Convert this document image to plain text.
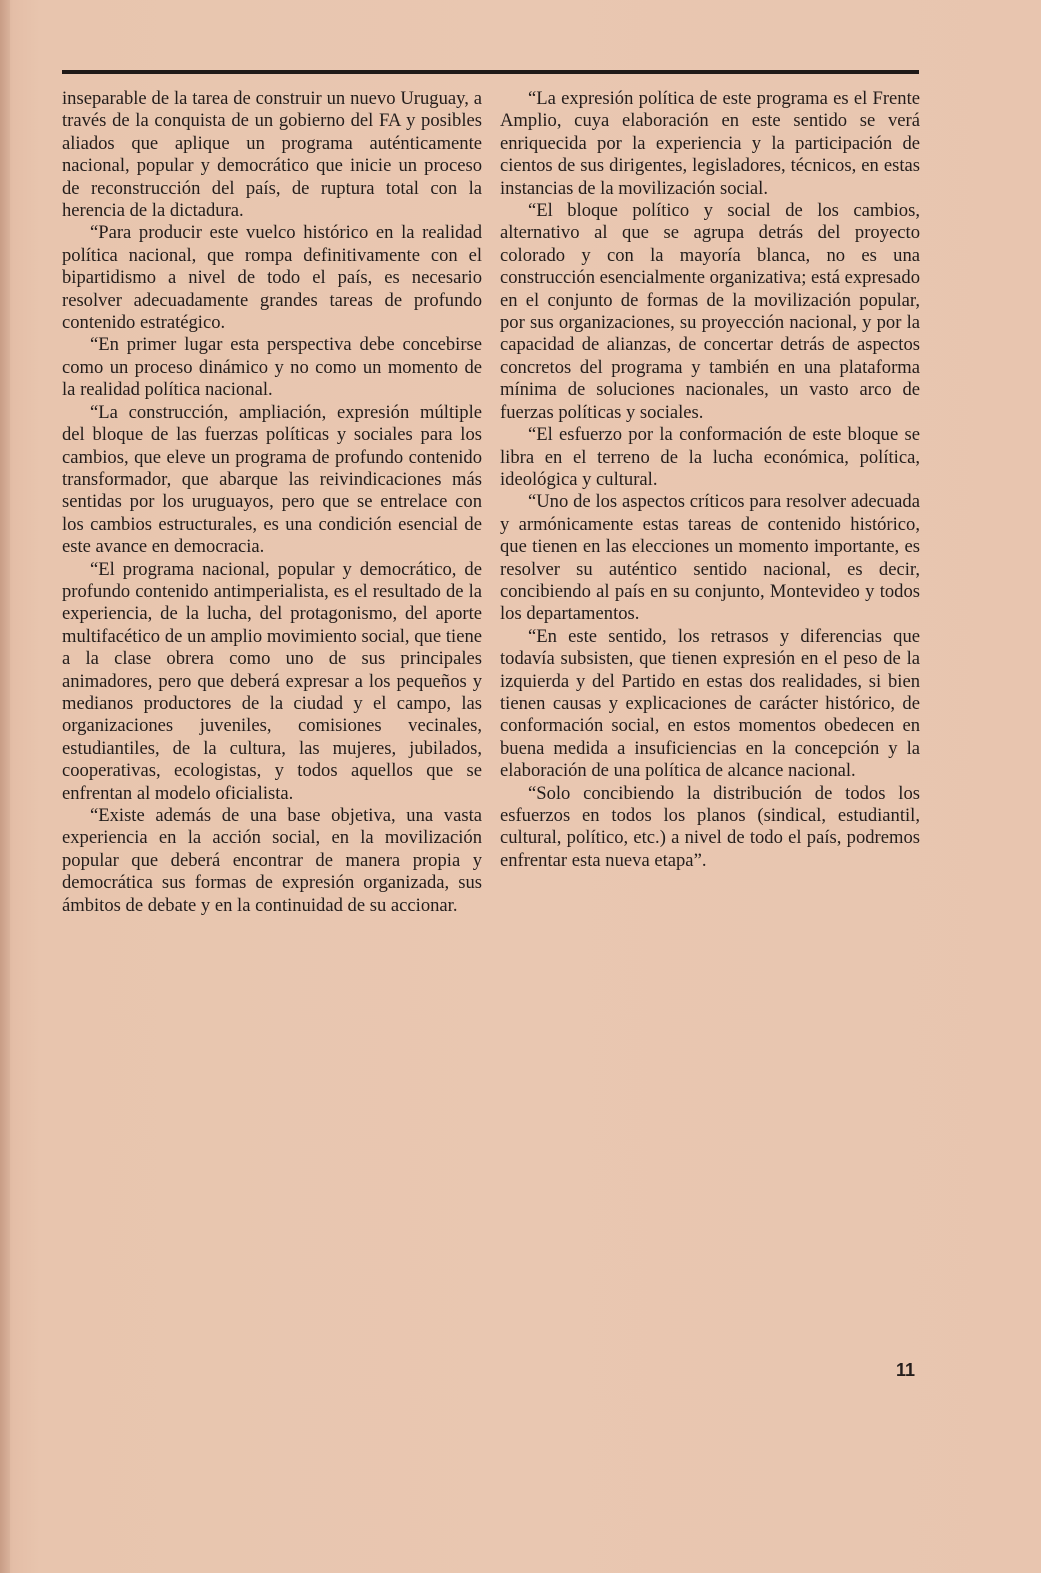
inseparable de la tarea de construir un nuevo Uruguay, a través de la conquista de un gobierno del FA y posibles aliados que aplique un programa auténticamente nacional, popular y democrático que inicie un proceso de reconstrucción del país, de ruptura total con la herencia de la dictadura.

“Para producir este vuelco histórico en la realidad política nacional, que rompa definitivamente con el bipartidismo a nivel de todo el país, es necesario resolver adecuadamente grandes tareas de profundo contenido estratégico.

“En primer lugar esta perspectiva debe concebirse como un proceso dinámico y no como un momento de la realidad política nacional.

“La construcción, ampliación, expresión múltiple del bloque de las fuerzas políticas y sociales para los cambios, que eleve un programa de profundo contenido transformador, que abarque las reivindicaciones más sentidas por los uruguayos, pero que se entrelace con los cambios estructurales, es una condición esencial de este avance en democracia.

“El programa nacional, popular y democrático, de profundo contenido antimperialista, es el resultado de la experiencia, de la lucha, del protagonismo, del aporte multifacético de un amplio movimiento social, que tiene a la clase obrera como uno de sus principales animadores, pero que deberá expresar a los pequeños y medianos productores de la ciudad y el campo, las organizaciones juveniles, comisiones vecinales, estudiantiles, de la cultura, las mujeres, jubilados, cooperativas, ecologistas, y todos aquellos que se enfrentan al modelo oficialista.

“Existe además de una base objetiva, una vasta experiencia en la acción social, en la movilización popular que deberá encontrar de manera propia y democrática sus formas de expresión organizada, sus ámbitos de debate y en la continuidad de su accionar.

“La expresión política de este programa es el Frente Amplio, cuya elaboración en este sentido se verá enriquecida por la experiencia y la participación de cientos de sus dirigentes, legisladores, técnicos, en estas instancias de la movilización social.

“El bloque político y social de los cambios, alternativo al que se agrupa detrás del proyecto colorado y con la mayoría blanca, no es una construcción esencialmente organizativa; está expresado en el conjunto de formas de la movilización popular, por sus organizaciones, su proyección nacional, y por la capacidad de alianzas, de concertar detrás de aspectos concretos del programa y también en una plataforma mínima de soluciones nacionales, un vasto arco de fuerzas políticas y sociales.

“El esfuerzo por la conformación de este bloque se libra en el terreno de la lucha económica, política, ideológica y cultural.

“Uno de los aspectos críticos para resolver adecuada y armónicamente estas tareas de contenido histórico, que tienen en las elecciones un momento importante, es resolver su auténtico sentido nacional, es decir, concibiendo al país en su conjunto, Montevideo y todos los departamentos.

“En este sentido, los retrasos y diferencias que todavía subsisten, que tienen expresión en el peso de la izquierda y del Partido en estas dos realidades, si bien tienen causas y explicaciones de carácter histórico, de conformación social, en estos momentos obedecen en buena medida a insuficiencias en la concepción y la elaboración de una política de alcance nacional.

“Solo concibiendo la distribución de todos los esfuerzos en todos los planos (sindical, estudiantil, cultural, político, etc.) a nivel de todo el país, podremos enfrentar esta nueva etapa”.

11
